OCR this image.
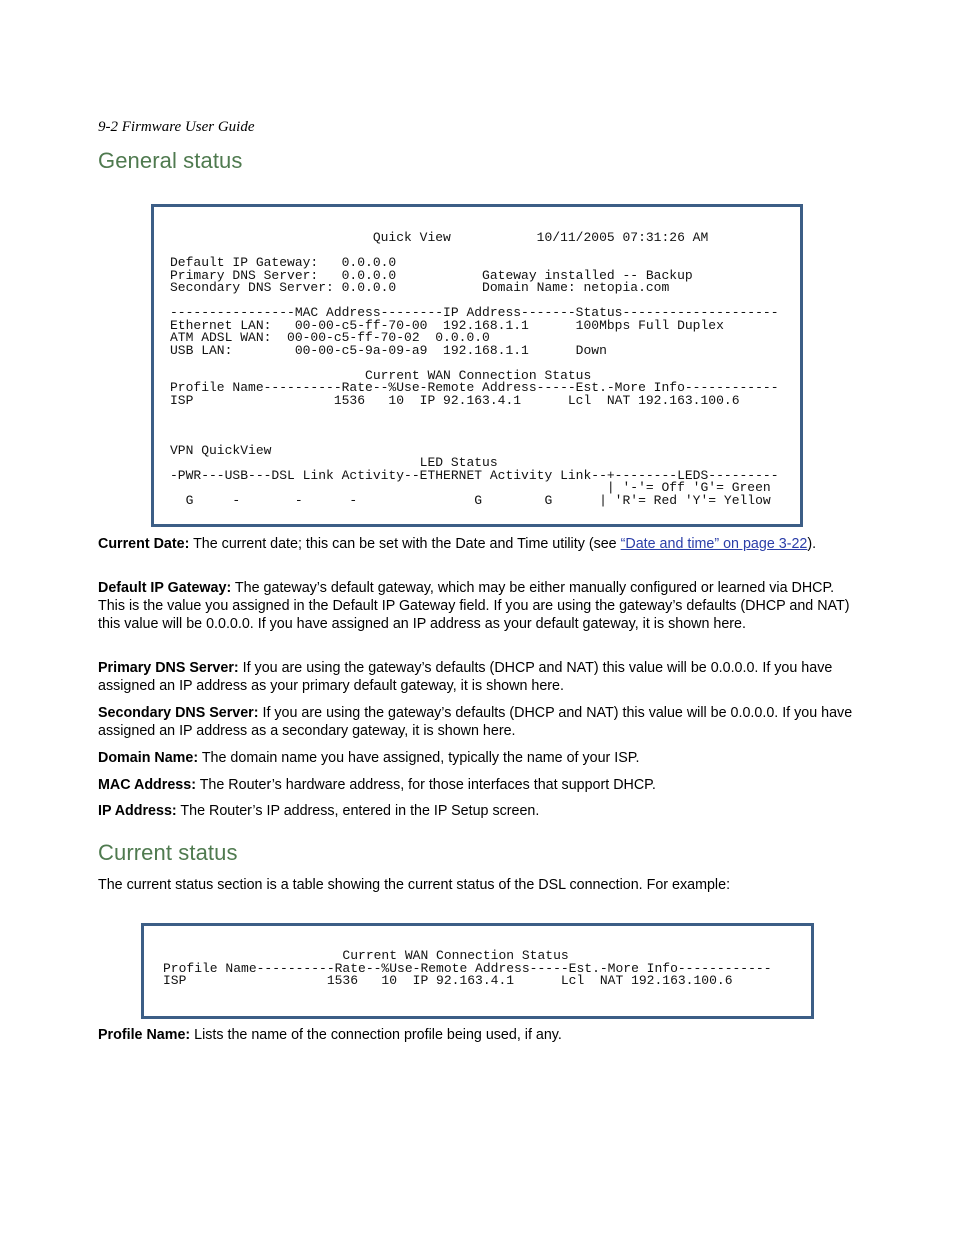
9-2 Firmware User Guide
General status
Quick View           10/11/2005 07:31:26 AM

Default IP Gateway:   0.0.0.0
Primary DNS Server:   0.0.0.0           Gateway installed -- Backup
Secondary DNS Server: 0.0.0.0           Domain Name: netopia.com

----------------MAC Address--------IP Address-------Status--------------------
Ethernet LAN:   00-00-c5-ff-70-00  192.168.1.1      100Mbps Full Duplex
ATM ADSL WAN:  00-00-c5-ff-70-02  0.0.0.0
USB LAN:        00-00-c5-9a-09-a9  192.168.1.1      Down

Current WAN Connection Status
Profile Name----------Rate--%Use-Remote Address-----Est.-More Info------------
ISP                  1536   10  IP 92.163.4.1      Lcl  NAT 192.163.100.6

VPN QuickView
LED Status
-PWR---USB---DSL Link Activity--ETHERNET Activity Link--+--------LEDS---------
| '-'= Off 'G'= Green
G     -       -      -               G        G      | 'R'= Red 'Y'= Yellow

Current Date: The current date; this can be set with the Date and Time utility (see “Date and time” on page 3-22).

Default IP Gateway: The gateway’s default gateway, which may be either manually configured or learned via DHCP. This is the value you assigned in the Default IP Gateway field. If you are using the gateway’s defaults (DHCP and NAT) this value will be 0.0.0.0. If you have assigned an IP address as your default gateway, it is shown here.

Primary DNS Server: If you are using the gateway’s defaults (DHCP and NAT) this value will be 0.0.0.0. If you have assigned an IP address as your primary default gateway, it is shown here.

Secondary DNS Server: If you are using the gateway’s defaults (DHCP and NAT) this value will be 0.0.0.0. If you have assigned an IP address as a secondary gateway, it is shown here.

Domain Name: The domain name you have assigned, typically the name of your ISP.

MAC Address: The Router’s hardware address, for those interfaces that support DHCP.

IP Address: The Router’s IP address, entered in the IP Setup screen.

Current status

The current status section is a table showing the current status of the DSL connection. For example:

Current WAN Connection Status
Profile Name----------Rate--%Use-Remote Address-----Est.-More Info------------
ISP                  1536   10  IP 92.163.4.1      Lcl  NAT 192.163.100.6

Profile Name: Lists the name of the connection profile being used, if any.
